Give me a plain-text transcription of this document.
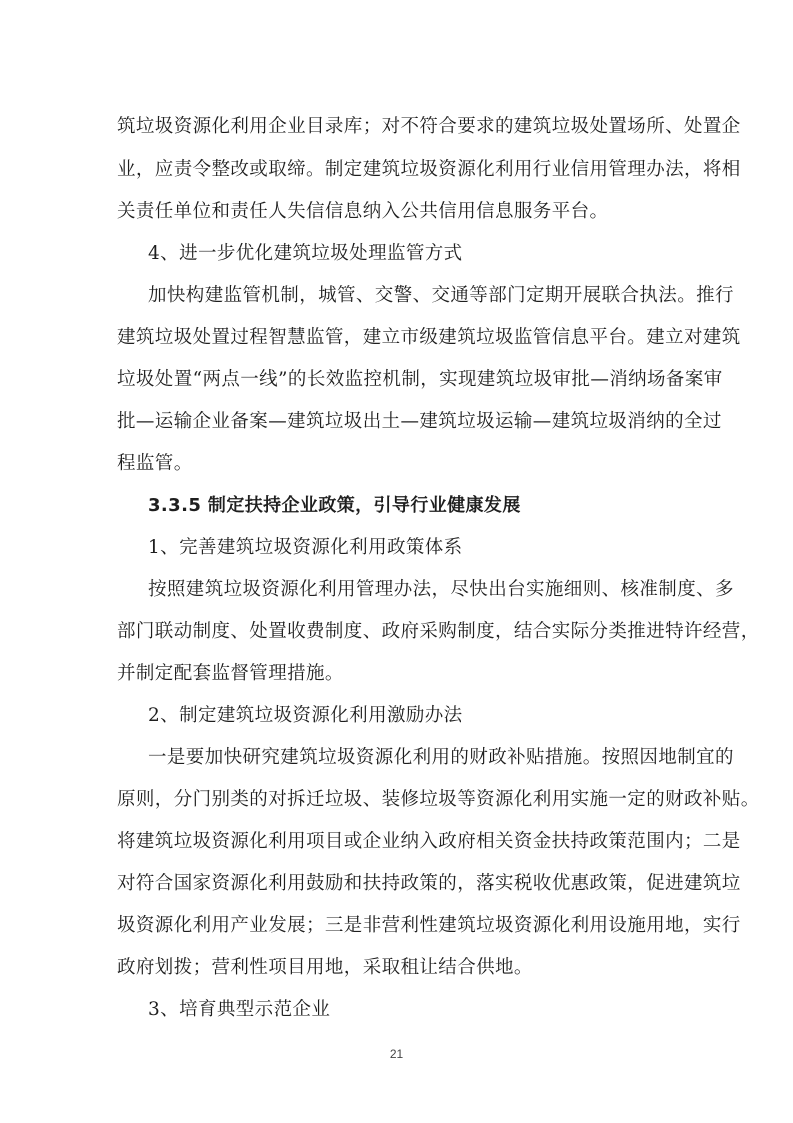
筑垃圾资源化利用企业目录库；对不符合要求的建筑垃圾处置场所、处置企
业，应责令整改或取缔。制定建筑垃圾资源化利用行业信用管理办法，将相
关责任单位和责任人失信信息纳入公共信用信息服务平台。
4、进一步优化建筑垃圾处理监管方式
加快构建监管机制，城管、交警、交通等部门定期开展联合执法。推行
建筑垃圾处置过程智慧监管，建立市级建筑垃圾监管信息平台。建立对建筑
垃圾处置“两点一线”的长效监控机制，实现建筑垃圾审批—消纳场备案审
批—运输企业备案—建筑垃圾出土—建筑垃圾运输—建筑垃圾消纳的全过
程监管。
3.3.5 制定扶持企业政策，引导行业健康发展
1、完善建筑垃圾资源化利用政策体系
按照建筑垃圾资源化利用管理办法，尽快出台实施细则、核准制度、多
部门联动制度、处置收费制度、政府采购制度，结合实际分类推进特许经营，
并制定配套监督管理措施。
2、制定建筑垃圾资源化利用激励办法
一是要加快研究建筑垃圾资源化利用的财政补贴措施。按照因地制宜的
原则，分门别类的对拆迁垃圾、装修垃圾等资源化利用实施一定的财政补贴。
将建筑垃圾资源化利用项目或企业纳入政府相关资金扶持政策范围内；二是
对符合国家资源化利用鼓励和扶持政策的，落实税收优惠政策，促进建筑垃
圾资源化利用产业发展；三是非营利性建筑垃圾资源化利用设施用地，实行
政府划拨；营利性项目用地，采取租让结合供地。
3、培育典型示范企业
21
